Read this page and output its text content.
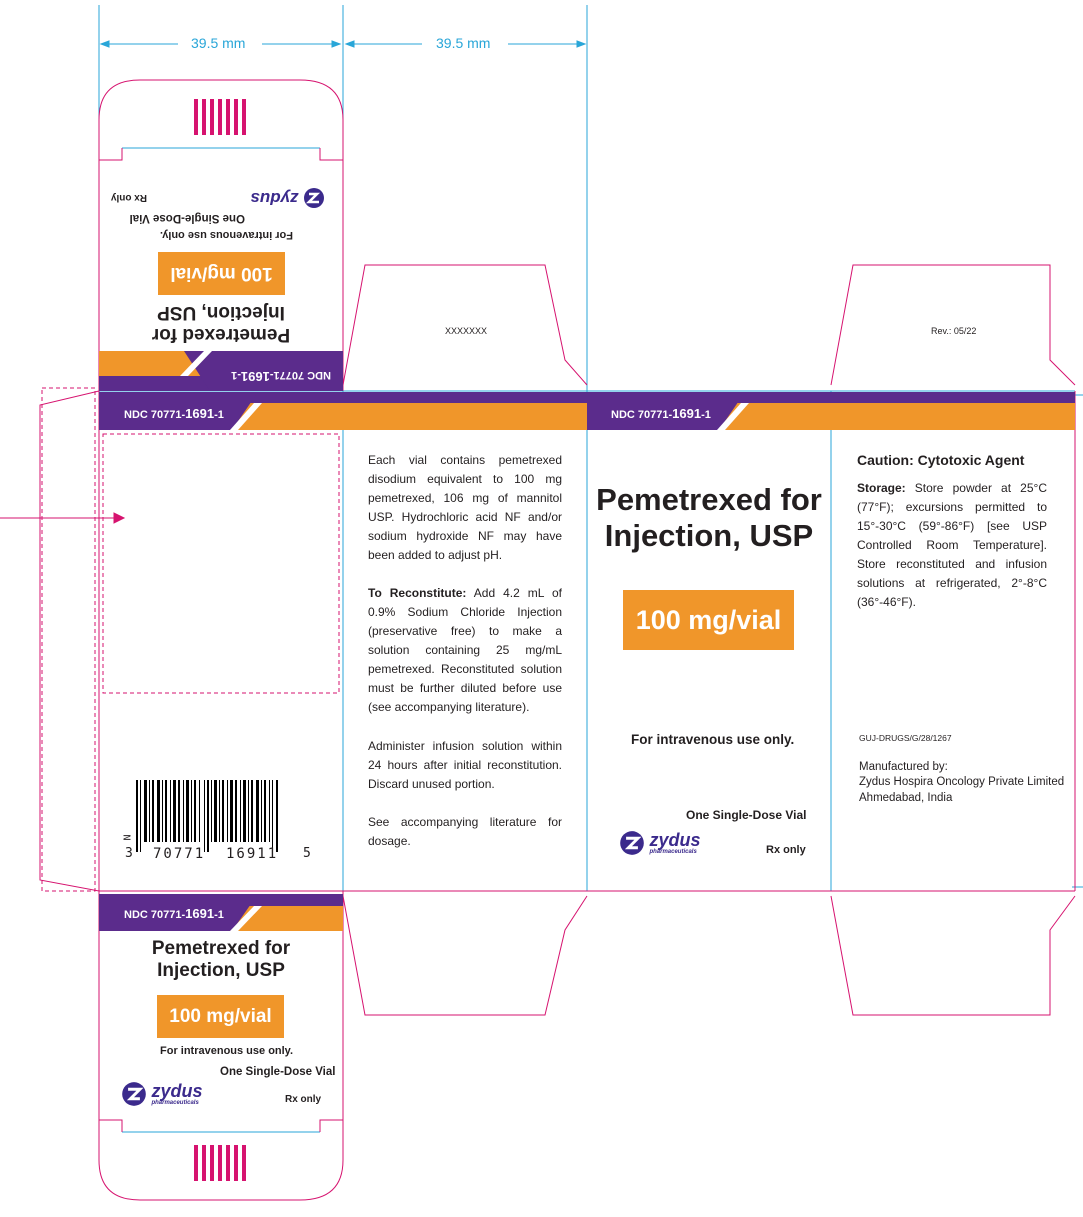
39.5 mm	39.5 mm
NDC 70771-1691-1
Pemetrexed for
Injection, USP
100 mg/vial
For intravenous use only.
One Single-Dose Vial
zydus
Rx only
XXXXXXX	Rev.: 05/22
NDC 70771-1691-1	NDC 70771-1691-1
N
3 70771  16911 5
Each vial contains pemetrexed disodium equivalent to 100 mg pemetrexed, 106 mg of mannitol USP. Hydrochloric acid NF and/or sodium hydroxide NF may have been added to adjust pH.
To Reconstitute: Add 4.2 mL of 0.9% Sodium Chloride Injection (preservative free) to make a solution containing 25 mg/mL pemetrexed. Reconstituted solution must be further diluted before use (see accompanying literature).
Administer infusion solution within 24 hours after initial reconstitution. Discard unused portion.
See accompanying literature for dosage.
Pemetrexed for
Injection, USP
100 mg/vial
For intravenous use only.
One Single-Dose Vial

zydus
pharmaceuticals	Rx only
Caution: Cytotoxic Agent
Storage: Store powder at 25°C (77°F); excursions permitted to 15°-30°C (59°-86°F) [see USP Controlled Room Temperature]. Store reconstituted and infusion solutions at refrigerated, 2°-8°C (36°-46°F).
GUJ-DRUGS/G/28/1267
Manufactured by:
Zydus Hospira Oncology Private Limited
Ahmedabad, India
NDC 70771-1691-1
Pemetrexed for
Injection, USP
100 mg/vial
For intravenous use only.
One Single-Dose Vial

zydus
pharmaceuticals	Rx only
